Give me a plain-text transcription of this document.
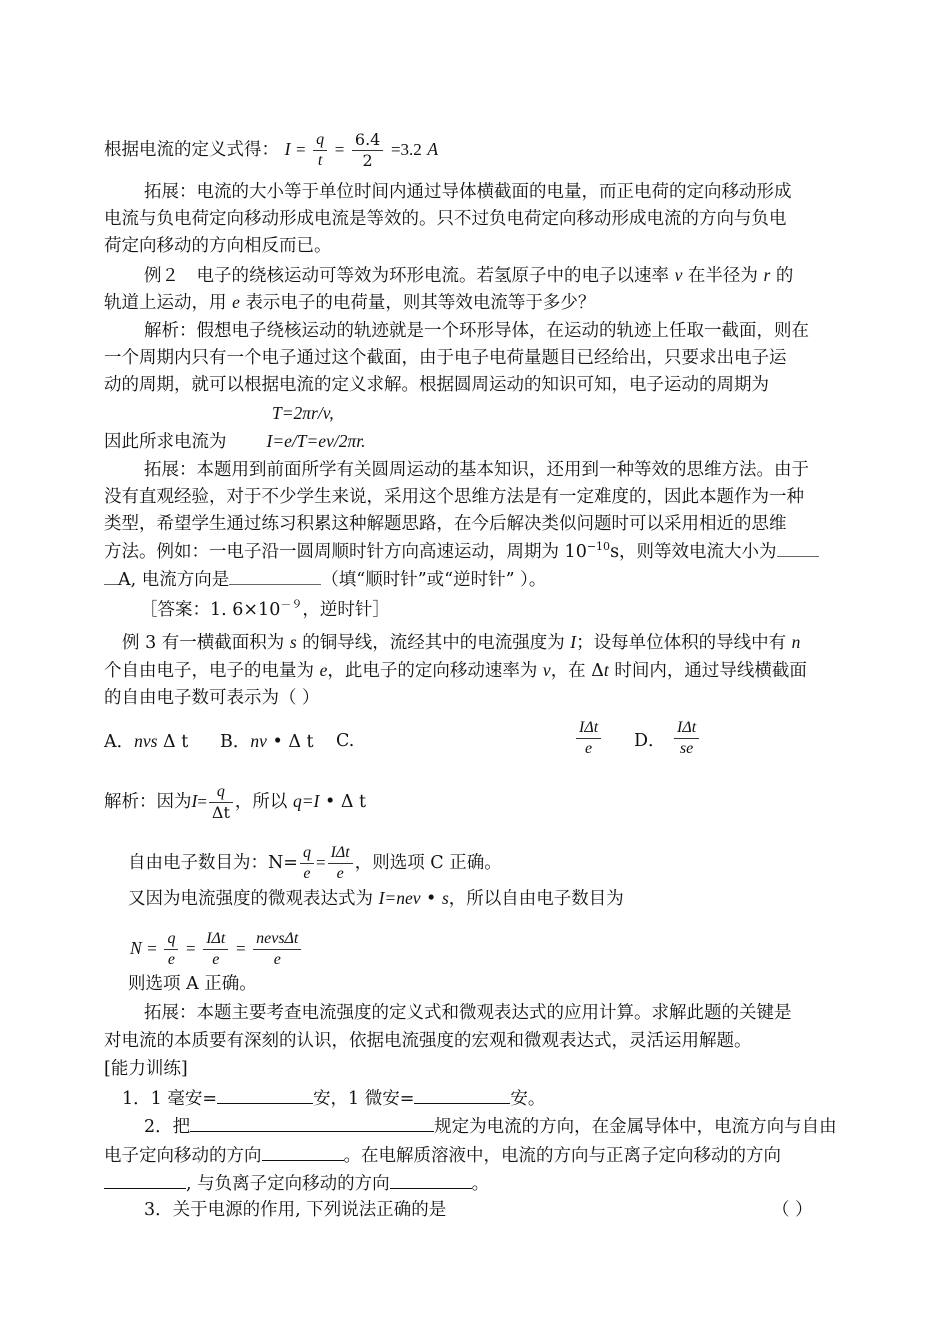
根据电流的定义式得： $I = \frac{q}{t} = \frac{6.4}{2} =3.2$ A
拓展：电流的大小等于单位时间内通过导体横截面的电量，而正电荷的定向移动形成
电流与负电荷定向移动形成电流是等效的。只不过负电荷定向移动形成电流的方向与负电
荷定向移动的方向相反而已。
例２　电子的绕核运动可等效为环形电流。若氢原子中的电子以速率 v 在半径为 r 的
轨道上运动，用 e 表示电子的电荷量，则其等效电流等于多少？
解析：假想电子绕核运动的轨迹就是一个环形导体，在运动的轨迹上任取一截面，则在
一个周期内只有一个电子通过这个截面，由于电子电荷量题目已经给出，只要求出电子运
动的周期，就可以根据电流的定义求解。根据圆周运动的知识可知，电子运动的周期为
T=2πr/v,
因此所求电流为 I=e/T=ev/2πr.
拓展：本题用到前面所学有关圆周运动的基本知识，还用到一种等效的思维方法。由于
没有直观经验，对于不少学生来说，采用这个思维方法是有一定难度的，因此本题作为一种
类型，希望学生通过练习积累这种解题思路，在今后解决类似问题时可以采用相近的思维
方法。例如：一电子沿一圆周顺时针方向高速运动，周期为 $10^{-10}s$，则等效电流大小为
A, 电流方向是	（填“顺时针”或“逆时针” ）。
［答案：1. $6\times 10^{-9}$，逆时针］
例 3 有一横截面积为 s 的铜导线，流经其中的电流强度为 I；设每单位体积的导线中有 n
个自由电子，电子的电量为 e，此电子的定向移动速率为 v，在 Δt 时间内，通过导线横截面
的自由电子数可表示为（ ）
A．nvs Δ t B．nv • Δ t C.	$\frac{\text{IΔt}}{e}$ D． $\frac{\text{IΔt}}{se}$
解析：因为$I= \frac{q}{\Delta t}$ ，所以 q=I • Δ t
自由电子数目为：$N= \frac{q}{e} = \frac{\text{IΔt}}{e}$ ，则选项 C 正确。
又因为电流强度的微观表达式为 I=nev • s，所以自由电子数目为
$N = \frac{q}{e} = \frac{\text{IΔt}}{e} = \frac{\text{nevsΔt}}{e}$
则选项 A 正确。
拓展：本题主要考查电流强度的定义式和微观表达式的应用计算。求解此题的关键是
对电流的本质要有深刻的认识，依据电流强度的宏观和微观表达式，灵活运用解题。
[能力训练]
1．1 毫安=	安，1 微安=	安。
2．把	规定为电流的方向，在金属导体中，电流方向与自由
电子定向移动的方向	。在电解质溶液中，电流的方向与正离子定向移动的方向
, 与负离子定向移动的方向	。
3．关于电源的作用, 下列说法正确的是	（ ）
